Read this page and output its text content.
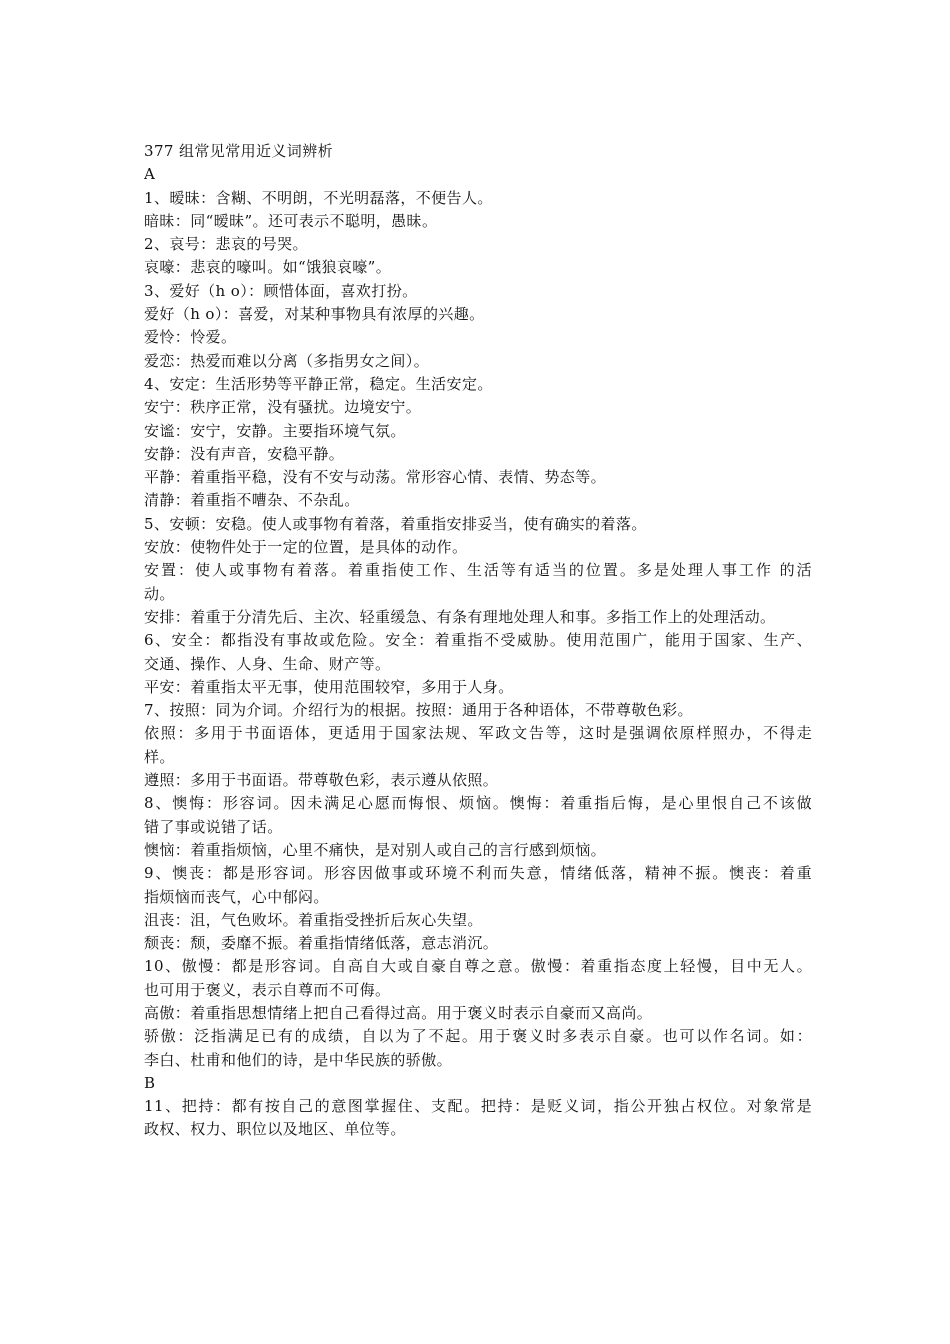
377 组常见常用近义词辨析

A

1、暧昧：含糊、不明朗，不光明磊落，不便告人。

暗昧：同“暧昧”。还可表示不聪明，愚昧。

2、哀号：悲哀的号哭。

哀嚎：悲哀的嚎叫。如“饿狼哀嚎”。

3、爱好（h o）：顾惜体面，喜欢打扮。

爱好（h o）：喜爱，对某种事物具有浓厚的兴趣。

爱怜：怜爱。

爱恋：热爱而难以分离（多指男女之间）。

4、安定：生活形势等平静正常，稳定。生活安定。

安宁：秩序正常，没有骚扰。边境安宁。

安谧：安宁，安静。主要指环境气氛。

安静：没有声音，安稳平静。

平静：着重指平稳，没有不安与动荡。常形容心情、表情、势态等。

清静：着重指不嘈杂、不杂乱。

5、安顿：安稳。使人或事物有着落，着重指安排妥当，使有确实的着落。

安放：使物件处于一定的位置，是具体的动作。

安置：使人或事物有着落。着重指使工作、生活等有适当的位置。多是处理人事工作 的活

动。

安排：着重于分清先后、主次、轻重缓急、有条有理地处理人和事。多指工作上的处理活动。

6、安全：都指没有事故或危险。安全：着重指不受威胁。使用范围广，能用于国家、生产、

交通、操作、人身、生命、财产等。

平安：着重指太平无事，使用范围较窄，多用于人身。

7、按照：同为介词。介绍行为的根据。按照：通用于各种语体，不带尊敬色彩。

依照：多用于书面语体，更适用于国家法规、军政文告等，这时是强调依原样照办，不得走

样。

遵照：多用于书面语。带尊敬色彩，表示遵从依照。

8、懊悔：形容词。因未满足心愿而悔恨、烦恼。懊悔：着重指后悔，是心里恨自己不该做

错了事或说错了话。

懊恼：着重指烦恼，心里不痛快，是对别人或自己的言行感到烦恼。

9、懊丧：都是形容词。形容因做事或环境不利而失意，情绪低落，精神不振。懊丧：着重

指烦恼而丧气，心中郁闷。

沮丧：沮，气色败坏。着重指受挫折后灰心失望。

颓丧：颓，委靡不振。着重指情绪低落，意志消沉。

10、傲慢：都是形容词。自高自大或自豪自尊之意。傲慢：着重指态度上轻慢，目中无人。

也可用于褒义，表示自尊而不可侮。

高傲：着重指思想情绪上把自己看得过高。用于褒义时表示自豪而又高尚。

骄傲：泛指满足已有的成绩，自以为了不起。用于褒义时多表示自豪。也可以作名词。如：

李白、杜甫和他们的诗，是中华民族的骄傲。

B

11、把持：都有按自己的意图掌握住、支配。把持：是贬义词，指公开独占权位。对象常是

政权、权力、职位以及地区、单位等。
